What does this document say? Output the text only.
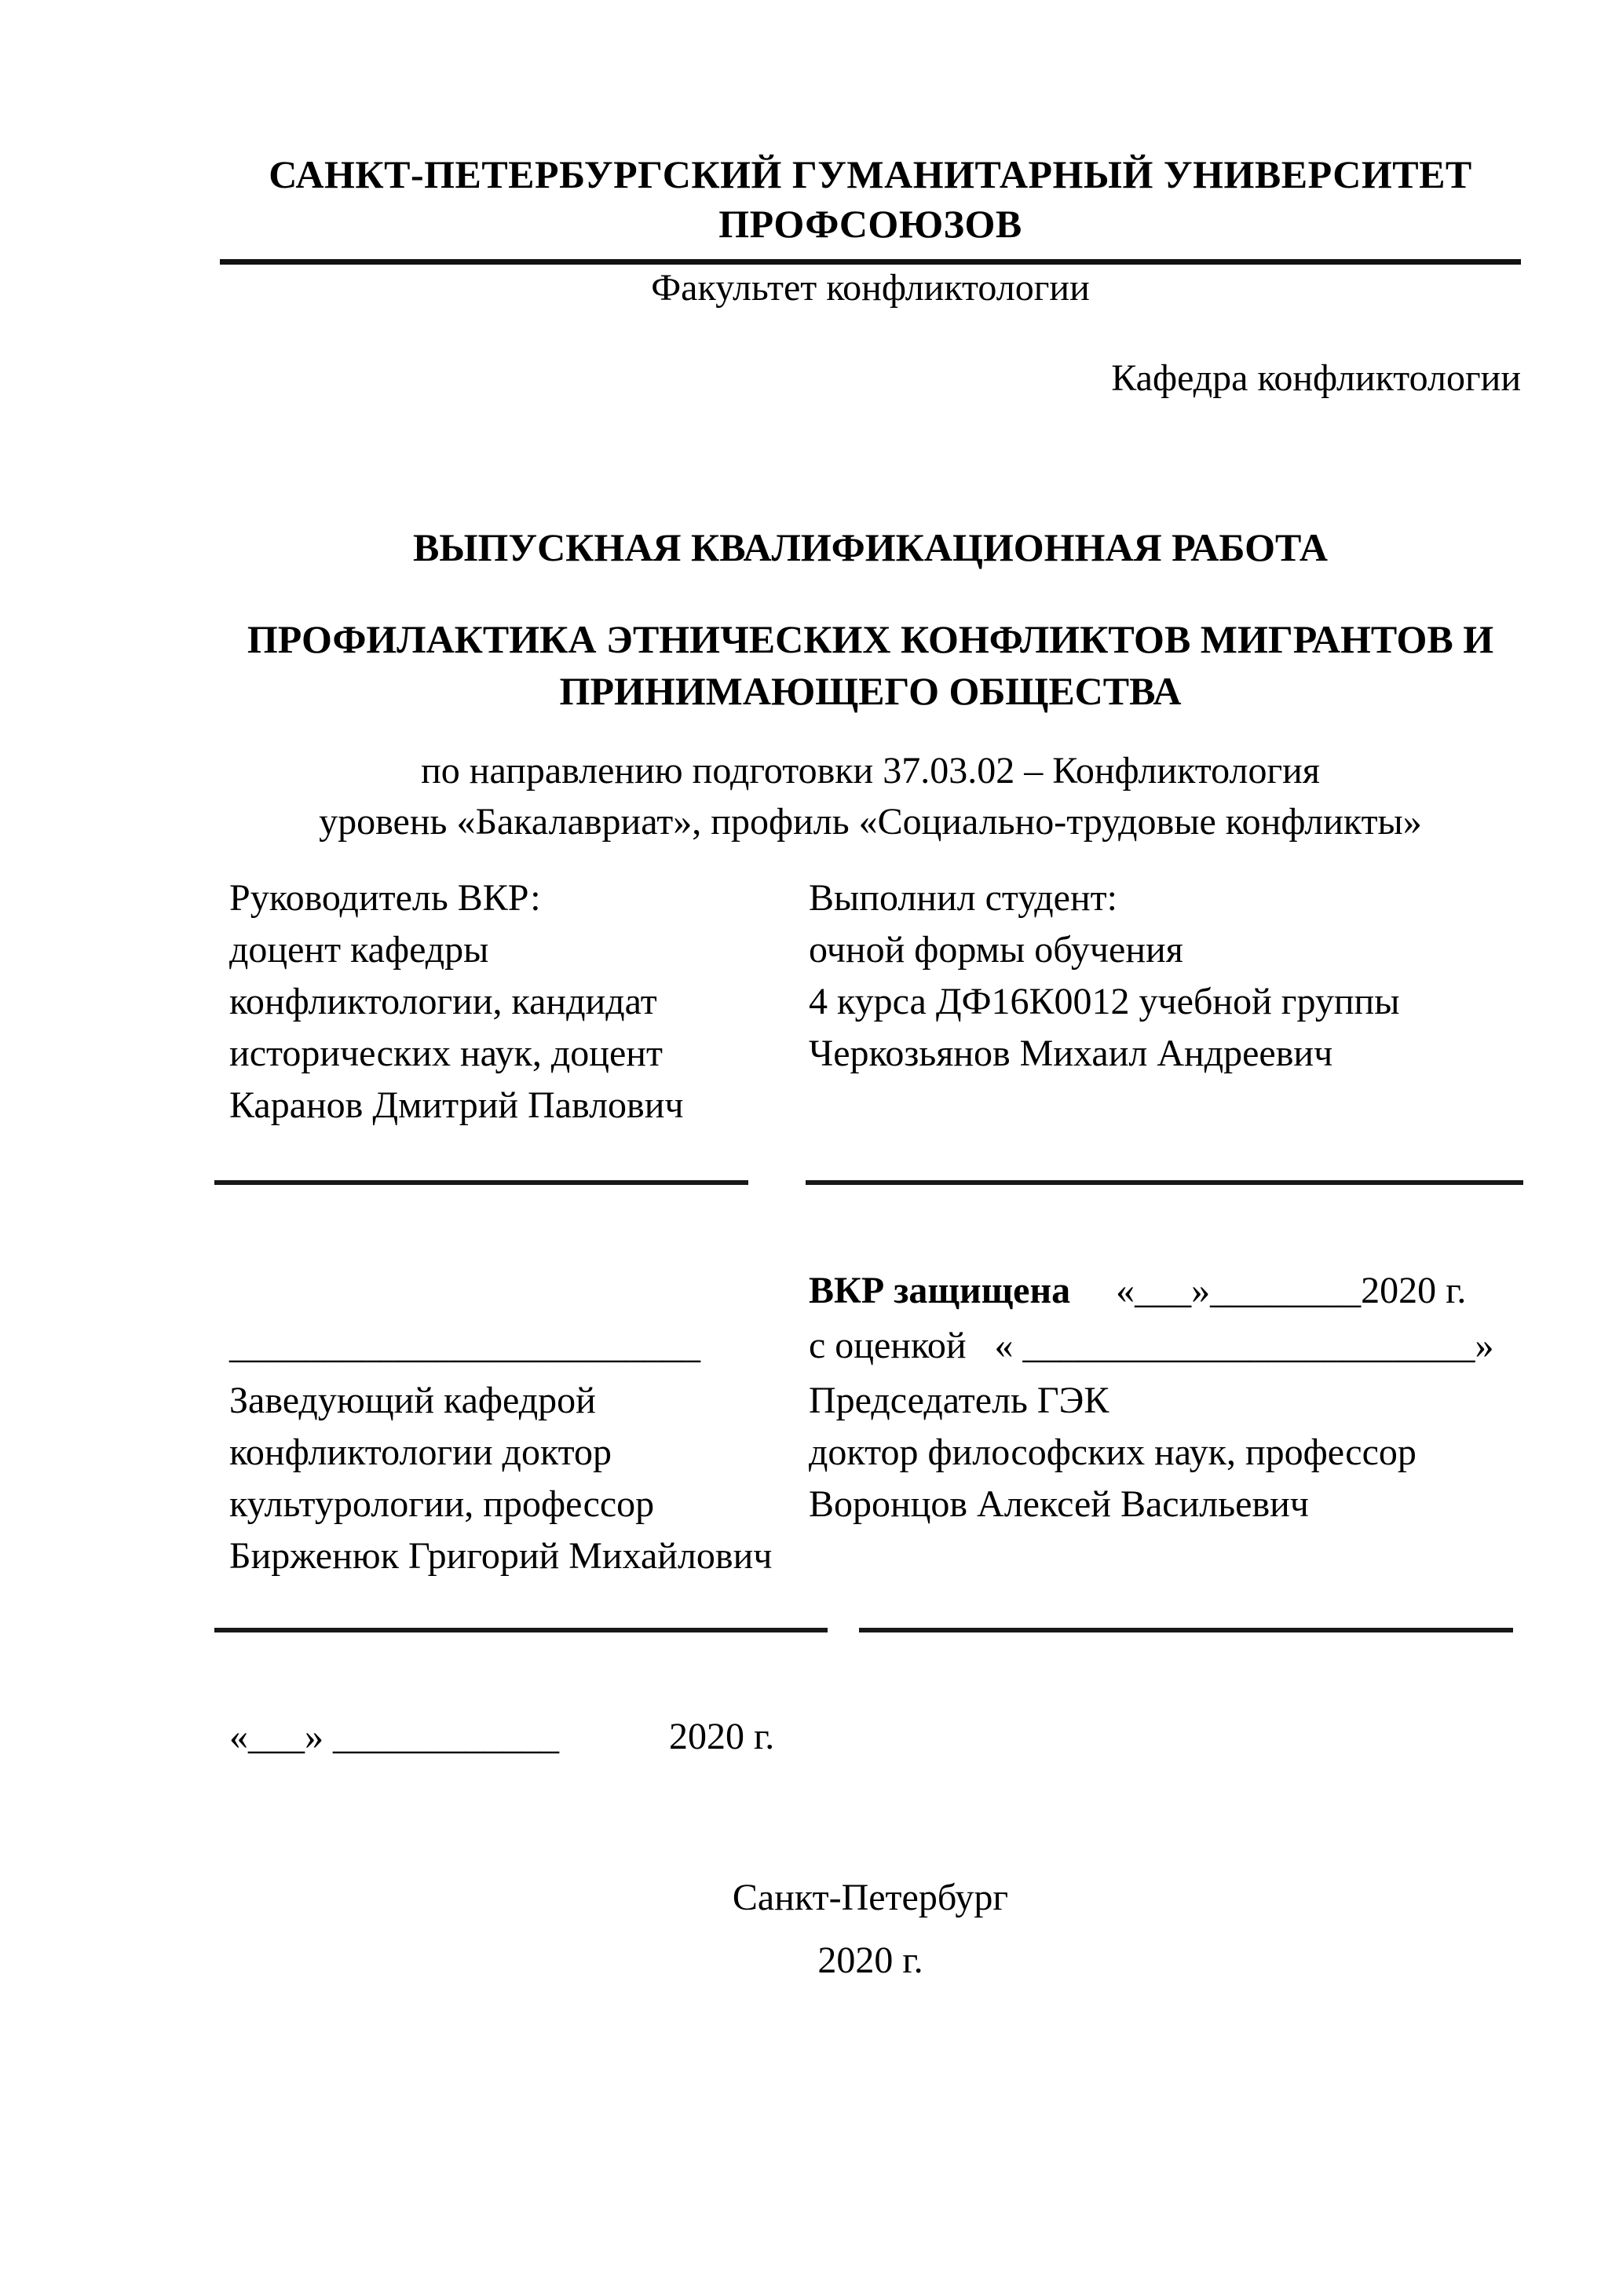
САНКТ-ПЕТЕРБУРГСКИЙ ГУМАНИТАРНЫЙ УНИВЕРСИТЕТ
ПРОФСОЮЗОВ
Факультет конфликтологии
Кафедра конфликтологии
ВЫПУСКНАЯ КВАЛИФИКАЦИОННАЯ РАБОТА
ПРОФИЛАКТИКА ЭТНИЧЕСКИХ КОНФЛИКТОВ МИГРАНТОВ И
ПРИНИМАЮЩЕГО ОБЩЕСТВА
по направлению подготовки 37.03.02 – Конфликтология
уровень «Бакалавриат», профиль «Социально-трудовые конфликты»
Руководитель ВКР:
доцент кафедры
конфликтологии, кандидат
исторических наук, доцент
Каранов Дмитрий Павлович
Выполнил студент:
очной формы обучения
4 курса ДФ16К0012 учебной группы
Черкозьянов Михаил Андреевич
ВКР защищена «___»________2020 г.
с оценкой   « ________________________»
Председатель ГЭК
доктор философских наук, профессор
Воронцов Алексей Васильевич
_________________________
Заведующий кафедрой
конфликтологии доктор
культурологии, профессор
Бирженюк Григорий Михайлович
«___» ____________	2020 г.
Санкт-Петербург
2020 г.
